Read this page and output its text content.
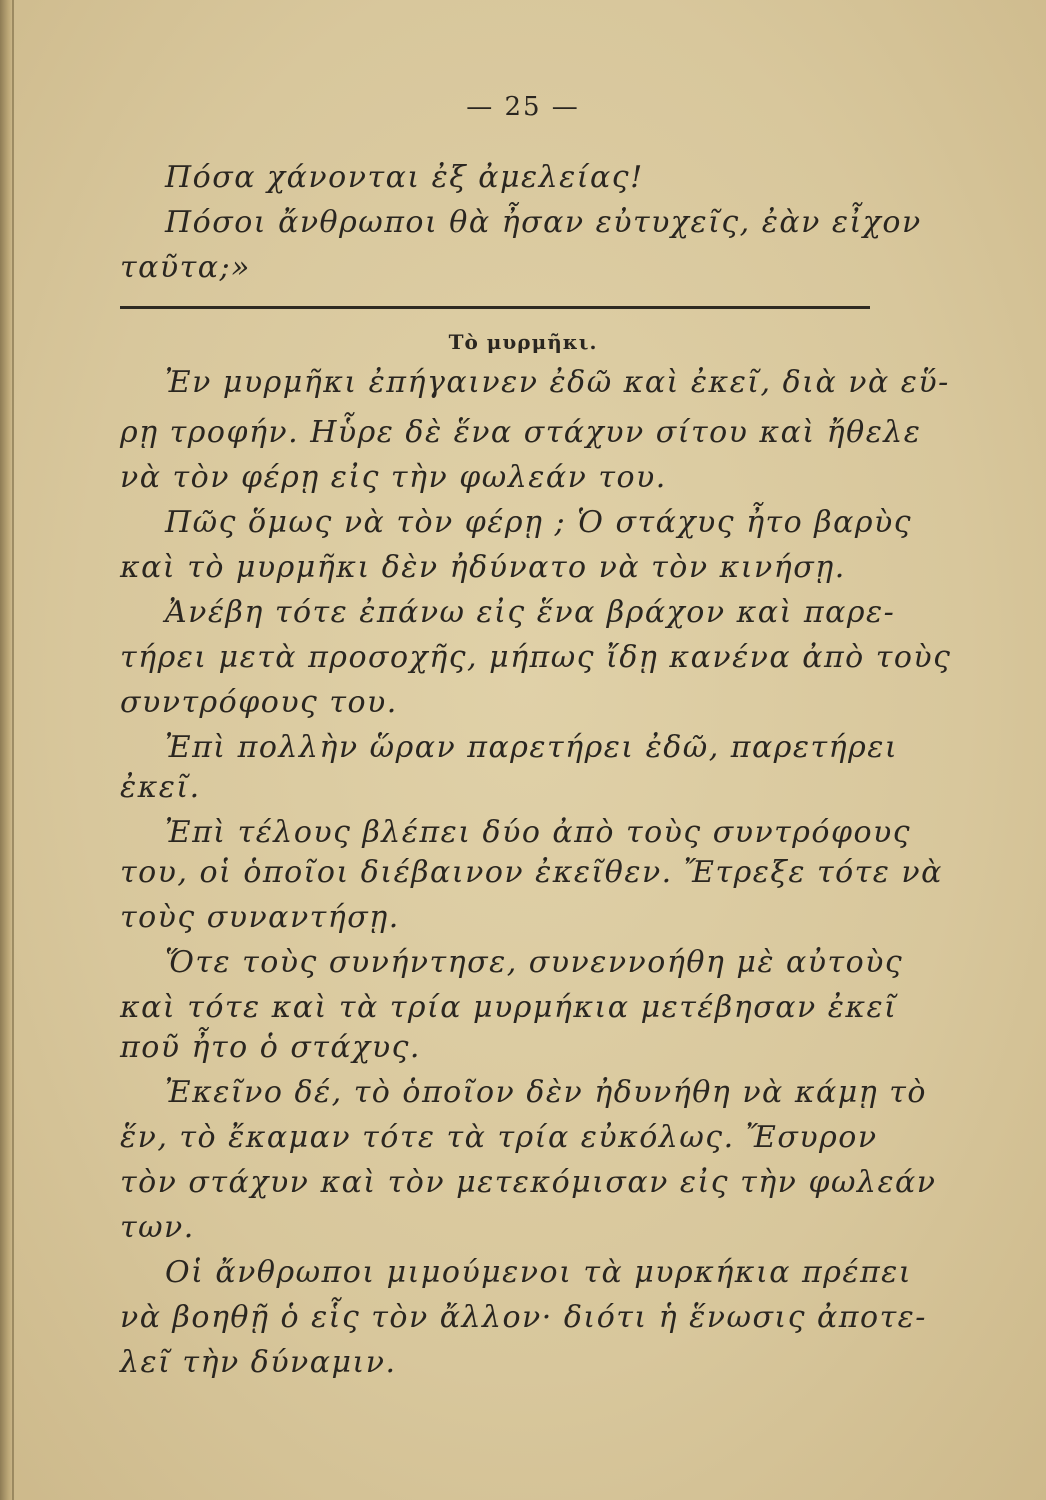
— 25 —
Πόσα χάνονται ἐξ ἀμελείας!
Πόσοι ἄνθρωποι θὰ ἦσαν εὐτυχεῖς, ἐὰν εἶχον
ταῦτα;»
Τὸ μυρμῆκι.
Ἐν μυρμῆκι ἐπήγαινεν ἐδῶ καὶ ἐκεῖ, διὰ νὰ εὕ-
ρῃ τροφήν. Ηὗρε δὲ ἕνα στάχυν σίτου καὶ ἤθελε
νὰ τὸν φέρῃ εἰς τὴν φωλεάν του.
Πῶς ὅμως νὰ τὸν φέρῃ ; Ὁ στάχυς ἦτο βαρὺς
καὶ τὸ μυρμῆκι δὲν ἠδύνατο νὰ τὸν κινήσῃ.
Ἀνέβη τότε ἐπάνω εἰς ἕνα βράχον καὶ παρε-
τήρει μετὰ προσοχῆς, μήπως ἴδῃ κανένα ἀπὸ τοὺς
συντρόφους του.
Ἐπὶ πολλὴν ὥραν παρετήρει ἐδῶ, παρετήρει
ἐκεῖ.
Ἐπὶ τέλους βλέπει δύο ἀπὸ τοὺς συντρόφους
του, οἱ ὁποῖοι διέβαινον ἐκεῖθεν. Ἔτρεξε τότε νὰ
τοὺς συναντήσῃ.
Ὅτε τοὺς συνήντησε, συνεννοήθη μὲ αὐτοὺς
καὶ τότε καὶ τὰ τρία μυρμήκια μετέβησαν ἐκεῖ
ποῦ ἦτο ὁ στάχυς.
Ἐκεῖνο δέ, τὸ ὁποῖον δὲν ἠδυνήθη νὰ κάμῃ τὸ
ἕν, τὸ ἔκαμαν τότε τὰ τρία εὐκόλως. Ἔσυρον
τὸν στάχυν καὶ τὸν μετεκόμισαν εἰς τὴν φωλεάν
των.
Οἱ ἄνθρωποι μιμούμενοι τὰ μυρκήκια πρέπει
νὰ βοηθῇ ὁ εἷς τὸν ἄλλον· διότι ἡ ἕνωσις ἀποτε-
λεῖ τὴν δύναμιν.
